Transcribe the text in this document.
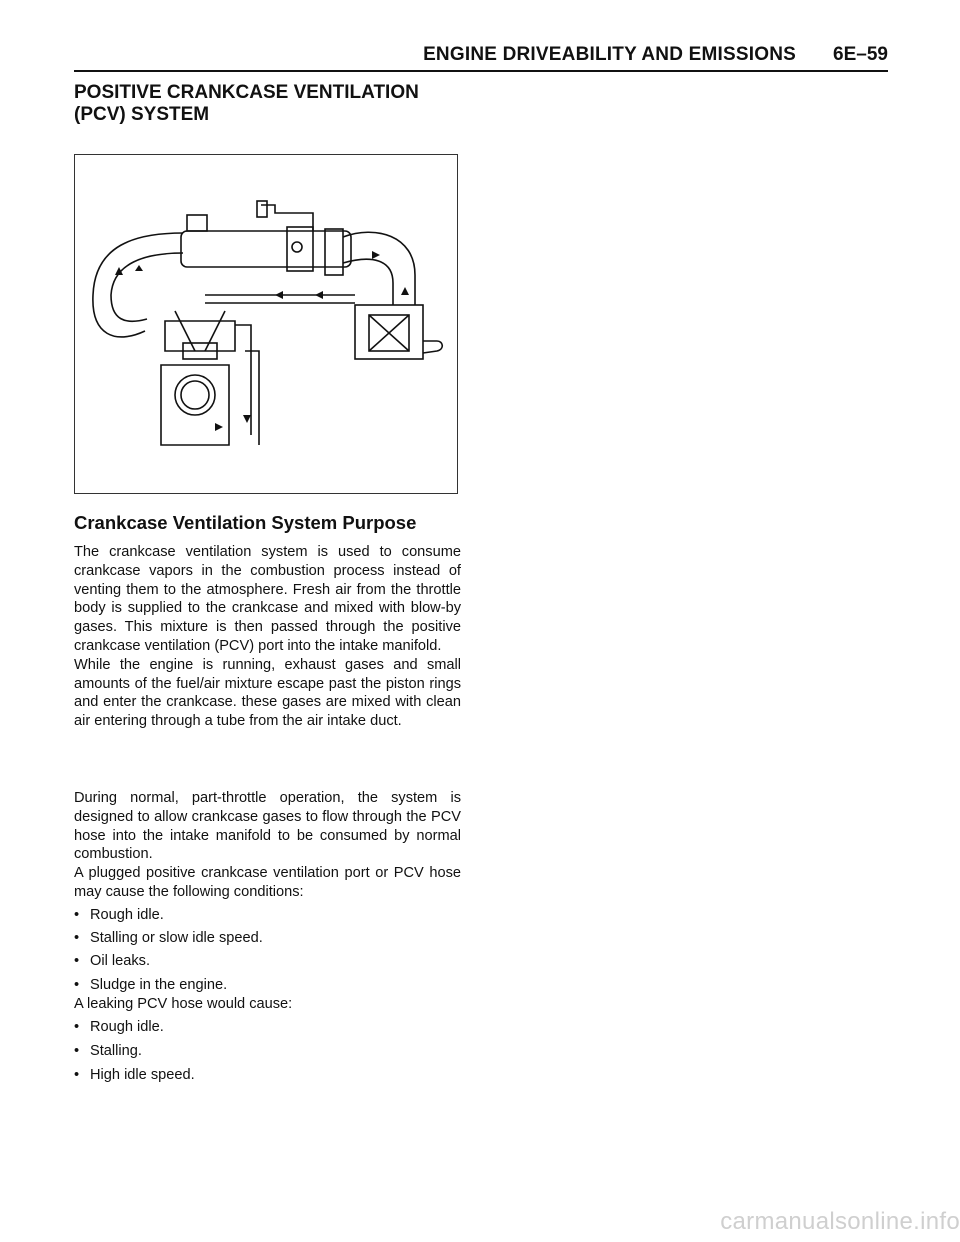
ENGINE DRIVEABILITY AND EMISSIONS 6E–59
POSITIVE CRANKCASE VENTILATION
(PCV) SYSTEM
Crankcase Ventilation System Purpose

The crankcase ventilation system is used to consume crankcase vapors in the combustion process instead of venting them to the atmosphere. Fresh air from the throttle body is supplied to the crankcase and mixed with blow-by gases. This mixture is then passed through the positive crankcase ventilation (PCV) port into the intake manifold.

While the engine is running, exhaust gases and small amounts of the fuel/air mixture escape past the piston rings and enter the crankcase. these gases are mixed with clean air entering through a tube from the air intake duct.

During normal, part-throttle operation, the system is designed to allow crankcase gases to flow through the PCV hose into the intake manifold to be consumed by normal combustion.

A plugged positive crankcase ventilation port or PCV hose may cause the following conditions:

• Rough idle.
• Stalling or slow idle speed.
• Oil leaks.
• Sludge in the engine.
A leaking PCV hose would cause:
• Rough idle.
• Stalling.
• High idle speed.
carmanualsonline.info
